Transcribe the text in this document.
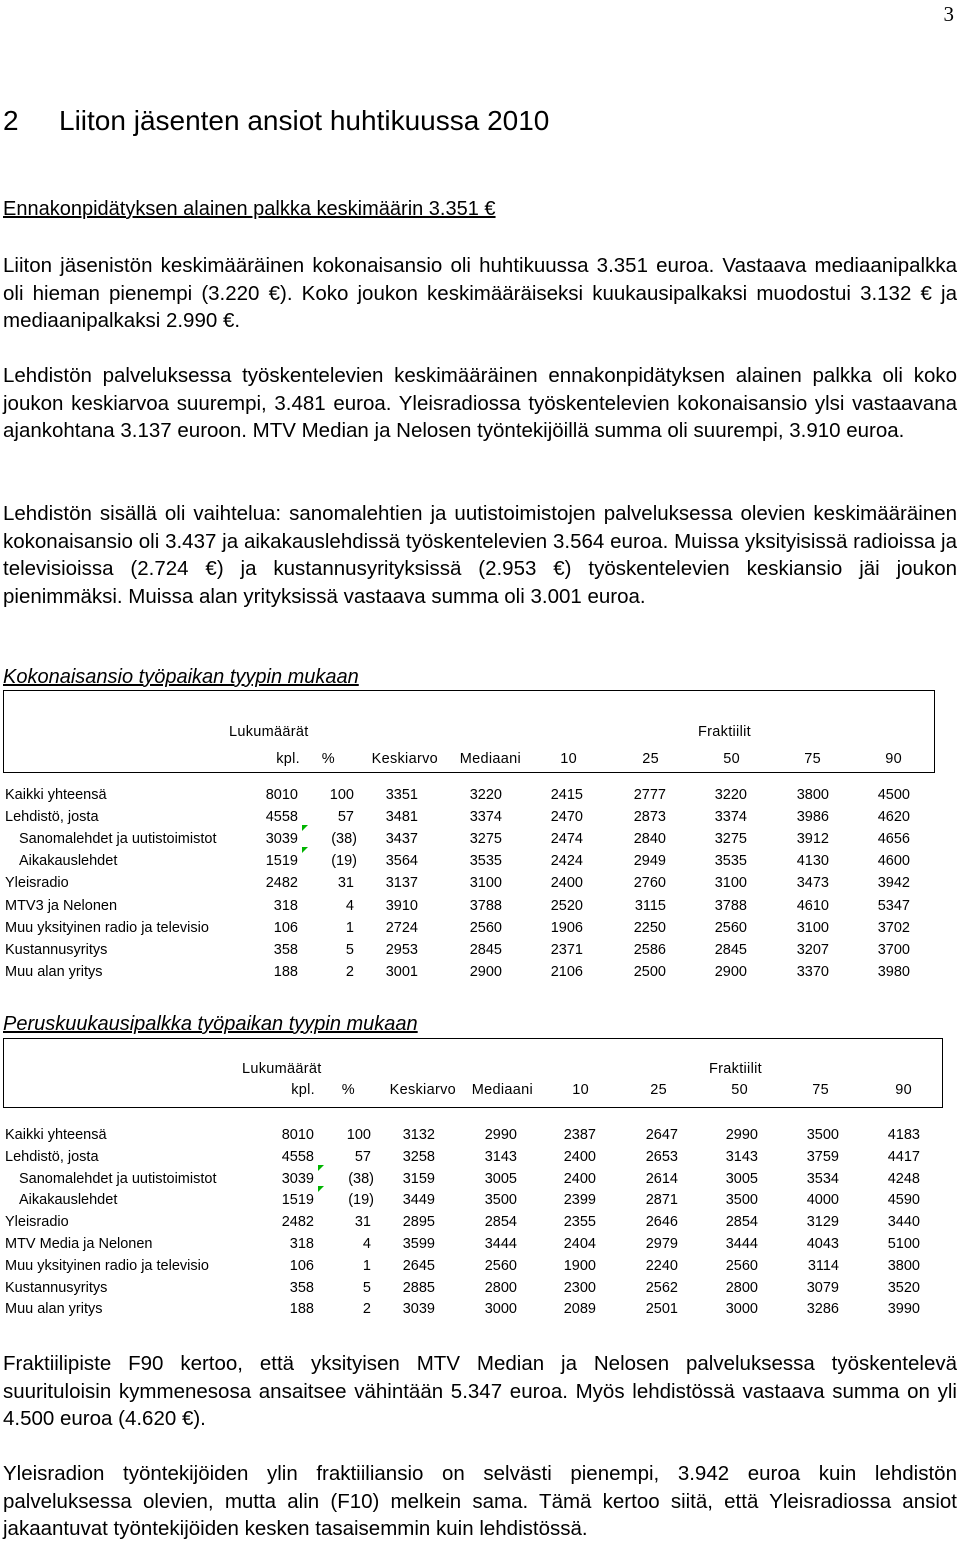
3
2 Liiton jäsenten ansiot huhtikuussa 2010
Ennakonpidätyksen alainen palkka keskimäärin 3.351 €
Liiton jäsenistön keskimääräinen kokonaisansio oli huhtikuussa 3.351 euroa. Vastaava mediaanipalkka oli hieman pienempi (3.220 €). Koko joukon keskimääräiseksi kuukausipalkaksi muodostui 3.132 € ja mediaanipalkaksi 2.990 €.
Lehdistön palveluksessa työskentelevien keskimääräinen ennakonpidätyksen alainen palkka oli koko joukon keskiarvoa suurempi, 3.481 euroa. Yleisradiossa työskentelevien kokonaisansio ylsi vastaavana ajankohtana 3.137 euroon. MTV Median ja Nelosen työntekijöillä summa oli suurempi, 3.910 euroa.
Lehdistön sisällä oli vaihtelua: sanomalehtien ja uutistoimistojen palveluksessa olevien keskimääräinen kokonaisansio oli 3.437 ja aikakauslehdissä työskentelevien 3.564 euroa. Muissa yksityisissä radioissa ja televisioissa (2.724 €) ja kustannusyrityksissä (2.953 €) työskentelevien keskiansio jäi joukon pienimmäksi. Muissa alan yrityksissä vastaava summa oli 3.001 euroa.
Kokonaisansio työpaikan tyypin mukaan
Lukumäärät	Fraktiilit
kpl. %	Keskiarvo Mediaani	10	25	50	75	90
Kaikki yhteensä	8010 100 3351	3220	2415	2777	3220	3800	4500
Lehdistö, josta	4558	57 3481	3374	2470	2873	3374	3986	4620
Sanomalehdet ja uutistoimistot	3039 (38) 3437	3275	2474	2840	3275	3912	4656
Aikakauslehdet	1519 (19) 3564	3535	2424	2949	3535	4130	4600
Yleisradio	2482	31 3137	3100	2400	2760	3100	3473	3942
MTV3 ja Nelonen	318	4 3910	3788	2520	3115	3788	4610	5347
Muu yksityinen radio ja televisio	106	1 2724	2560	1906	2250	2560	3100	3702
Kustannusyritys	358	5 2953	2845	2371	2586	2845	3207	3700
Muu alan yritys	188	2 3001	2900	2106	2500	2900	3370	3980
Peruskuukausipalkka työpaikan tyypin mukaan
Lukumäärät	Fraktiilit
kpl. % Keskiarvo Mediaani	10	25	50	75	90
Kaikki yhteensä	8010 100 3132	2990	2387	2647	2990	3500	4183
Lehdistö, josta	4558	57 3258	3143	2400	2653	3143	3759	4417
Sanomalehdet ja uutistoimistot	3039 (38) 3159	3005	2400	2614	3005	3534	4248
Aikakauslehdet	1519 (19) 3449	3500	2399	2871	3500	4000	4590
Yleisradio	2482	31 2895	2854	2355	2646	2854	3129	3440
MTV Media ja Nelonen	318	4 3599	3444	2404	2979	3444	4043	5100
Muu yksityinen radio ja televisio	106	1 2645	2560	1900	2240	2560	3114	3800
Kustannusyritys	358	5 2885	2800	2300	2562	2800	3079	3520
Muu alan yritys	188	2 3039	3000	2089	2501	3000	3286	3990
Fraktiilipiste F90 kertoo, että yksityisen MTV Median ja Nelosen palveluksessa työskentelevä suurituloisin kymmenesosa ansaitsee vähintään 5.347 euroa. Myös lehdistössä vastaava summa on yli 4.500 euroa (4.620 €).
Yleisradion työntekijöiden ylin fraktiiliansio on selvästi pienempi, 3.942 euroa kuin lehdistön palveluksessa olevien, mutta alin (F10) melkein sama. Tämä kertoo siitä, että Yleisradiossa ansiot jakaantuvat työntekijöiden kesken tasaisemmin kuin lehdistössä.
